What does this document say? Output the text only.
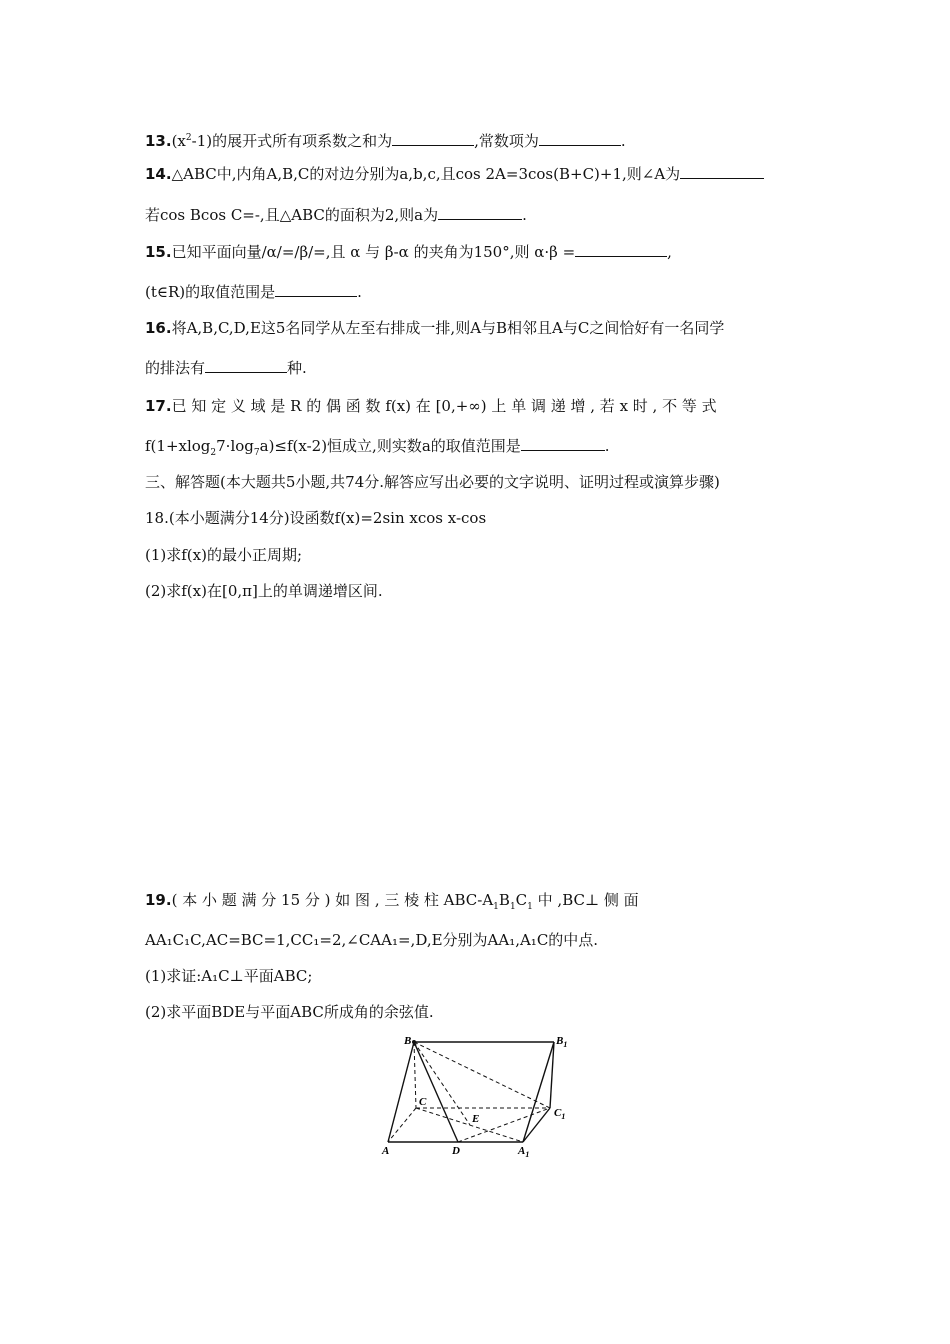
$13.(x^2-1)$的展开式所有项系数之和为	,常数项为	.
14.△ABC中,内角A,B,C的对边分别为a,b,c,且cos 2A=3cos(B+C)+1,则∠A为
若cos Bcos C=-,且△ABC的面积为2,则a为	.
15.已知平面向量/α/=/β/=,且 α 与 β-α 的夹角为150°,则 α·β =	,
(t∈R)的取值范围是	.
16.将A,B,C,D,E这5名同学从左至右排成一排,则A与B相邻且A与C之间恰好有一名同学
的排法有	种.
17.已 知 定 义 域 是 R 的 偶 函 数 f(x) 在 [0,+∞) 上 单 调 递 增 , 若 x 时 , 不 等 式
$f(1+xlog_27\cdot\log_7a)\le f(x-2)$恒成立,则实数a的取值范围是	.
三、解答题(本大题共5小题,共74分.解答应写出必要的文字说明、证明过程或演算步骤)
18.(本小题满分14分)设函数f(x)=2sin xcos x-cos
(1)求f(x)的最小正周期;
(2)求f(x)在[0,π]上的单调递增区间.
19.( 本 小 题 满 分 15 分 ) 如 图 , 三 棱 柱 ABC-$A_1B_1C_1$ 中 ,BC⊥ 侧 面
AA₁C₁C,AC=BC=1,CC₁=2,∠CAA₁=,D,E分别为AA₁,A₁C的中点.
(1)求证:A₁C⊥平面ABC;
(2)求平面BDE与平面ABC所成角的余弦值.
B	$B_1$
C
$C_1$
E
A	D	$A_1$
